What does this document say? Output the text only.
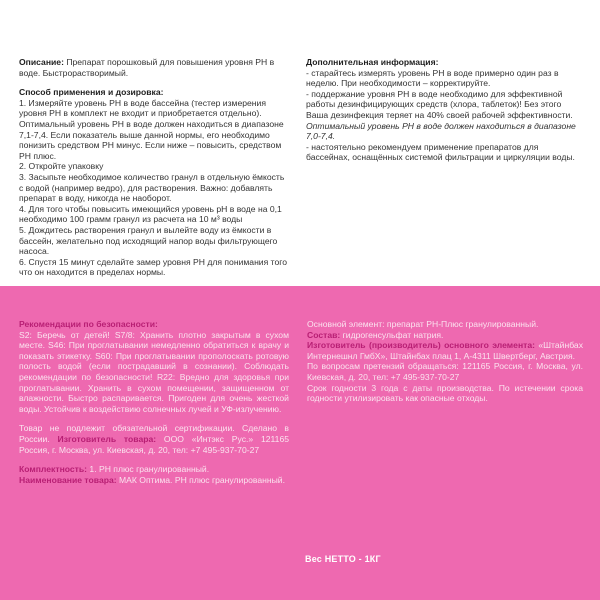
Описание: Препарат порошковый для повышения уровня PH в воде. Быстрорастворимый.

Способ применения и дозировка:

1. Измеряйте уровень PH в воде бассейна (тестер измерения уровня PH в комплект не входит и приобретается отдельно). Оптимальный уровень PH в воде должен находиться в диапазоне 7,1-7,4. Если показатель выше данной нормы, его необходимо понизить средством PH минус. Если ниже – повысить, средством PH плюс.
2. Откройте упаковку
3. Засыпьте необходимое количество гранул в отдельную ёмкость с водой (например ведро), для растворения. Важно: добавлять препарат в воду, никогда не наоборот.
4. Для того чтобы повысить имеющийся уровень pH в воде на 0,1 необходимо 100 грамм гранул из расчета на 10 м³ воды
5. Дождитесь растворения гранул и вылейте воду из ёмкости в бассейн, желательно под исходящий напор воды фильтрующего насоса.
6. Спустя 15 минут сделайте замер уровня PH для понимания того что он находится в пределах нормы.

Дополнительная информация:

- старайтесь измерять уровень PH в воде примерно один раз в неделю. При необходимости – корректируйте.
- поддержание уровня PH в воде необходимо для эффективной работы дезинфицирующих средств (хлора, таблеток)! Без этого Ваша дезинфекция теряет на 40% своей рабочей эффективности. Оптимальный уровень PH в воде должен находиться в диапазоне 7,0-7,4.
- настоятельно рекомендуем применение препаратов для бассейнах, оснащённых системой фильтрации и циркуляции воды.

Рекомендации по безопасности:

S2: Беречь от детей! S7/8: Хранить плотно закрытым в сухом месте. S46: При проглатывании немедленно обратиться к врачу и показать этикетку. S60: При проглатывании прополоскать ротовую полость водой (если пострадавший в сознании). Соблюдать рекомендации по безопасности! R22: Вредно для здоровья при проглатывании. Хранить в сухом помещении, защищенном от влажности. Быстро распаривается. Пригоден для очень жесткой воды. Устойчив к воздействию солнечных лучей и УФ-излучению.

Товар не подлежит обязательной сертификации. Сделано в России. Изготовитель товара: ООО «Интэкс Рус.» 121165 Россия, г. Москва, ул. Киевская, д. 20, тел: +7 495-937-70-27

Комплектность: 1. PH плюс гранулированный.

Наименование товара: МАК Оптима. PH плюс гранулированный.

Основной элемент: препарат PH-Плюс гранулированный.

Состав: гидрогенсульфат натрия.

Изготовитель (производитель) основного элемента: «Штайнбах Интернешнл ГмбХ», Штайнбах плац 1, A-4311 Швертберг, Австрия.

По вопросам претензий обращаться: 121165 Россия, г. Москва, ул. Киевская, д. 20, тел: +7 495-937-70-27
Срок годности 3 года с даты производства. По истечении срока годности утилизировать как опасные отходы.

Вес НЕТТО - 1КГ
